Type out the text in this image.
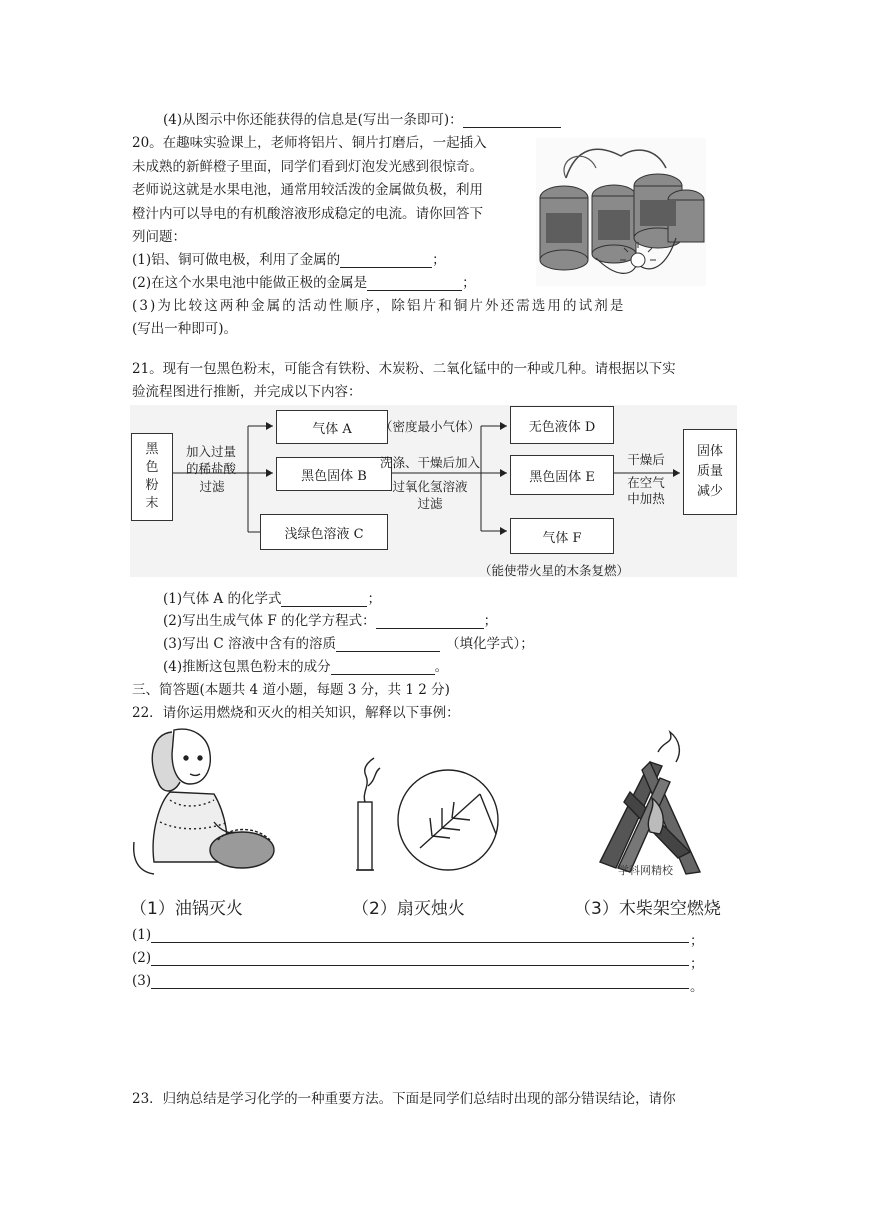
(4)从图示中你还能获得的信息是(写出一条即可)：
20。在趣味实验课上，老师将铝片、铜片打磨后，一起插入
未成熟的新鲜橙子里面，同学们看到灯泡发光感到很惊奇。
老师说这就是水果电池，通常用较活泼的金属做负极，利用
橙汁内可以导电的有机酸溶液形成稳定的电流。请你回答下
列问题：
(1)铝、铜可做电极，利用了金属的	；
(2)在这个水果电池中能做正极的金属是	；
(3)为比较这两种金属的活动性顺序，除铝片和铜片外还需选用的试剂是
(写出一种即可)。
21。现有一包黑色粉末，可能含有铁粉、木炭粉、二氧化锰中的一种或几种。请根据以下实
验流程图进行推断，并完成以下内容：
黑色粉末
加入过量
的稀盐酸
过滤
气体 A	（密度最小气体）
黑色固体 B
浅绿色溶液 C
洗涤、干燥后加入
过氧化氢溶液
过滤
无色液体 D
黑色固体 E
气体 F
（能使带火星的木条复燃）
干燥后
在空气
中加热
固体质量减少
(1)气体 A 的化学式	；
(2)写出生成气体 F 的化学方程式：	；
(3)写出 C 溶液中含有的溶质	（填化学式）；
(4)推断这包黑色粉末的成分	。
三、简答题(本题共 4 道小题，每题 3 分，共 1 2 分)
22．请你运用燃烧和灭火的相关知识，解释以下事例：
学科网精校
（1）油锅灭火	（2）扇灭烛火	（3）木柴架空燃烧
(1)	；
(2)	；
(3)	。
23．归纳总结是学习化学的一种重要方法。下面是同学们总结时出现的部分错误结论，请你
